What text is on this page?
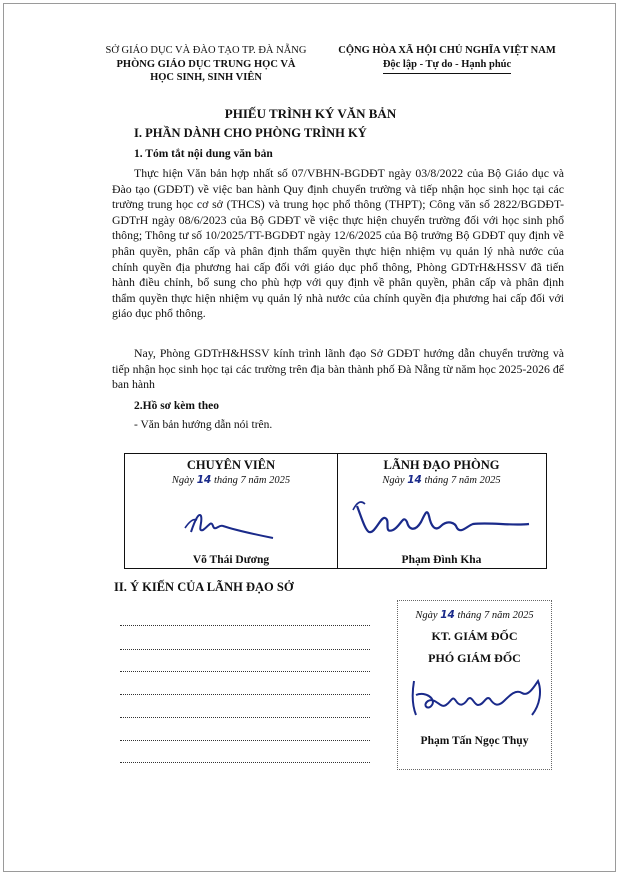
SỞ GIÁO DỤC VÀ ĐÀO TẠO TP. ĐÀ NẴNG
PHÒNG GIÁO DỤC TRUNG HỌC VÀ
HỌC SINH, SINH VIÊN
CỘNG HÒA XÃ HỘI CHỦ NGHĨA VIỆT NAM
Độc lập - Tự do - Hạnh phúc
PHIẾU TRÌNH KÝ VĂN BẢN
I. PHẦN DÀNH CHO PHÒNG TRÌNH KÝ
1. Tóm tắt nội dung văn bản
Thực hiện Văn bản hợp nhất số 07/VBHN-BGDĐT ngày 03/8/2022 của Bộ Giáo dục và Đào tạo (GDĐT) về việc ban hành Quy định chuyển trường và tiếp nhận học sinh học tại các trường trung học cơ sở (THCS) và trung học phổ thông (THPT); Công văn số 2822/BGDĐT-GDTrH ngày 08/6/2023 của Bộ GDĐT về việc thực hiện chuyển trường đối với học sinh phổ thông; Thông tư số 10/2025/TT-BGDĐT ngày 12/6/2025 của Bộ trưởng Bộ GDĐT quy định về phân quyền, phân cấp và phân định thẩm quyền thực hiện nhiệm vụ quản lý nhà nước của chính quyền địa phương hai cấp đối với giáo dục phổ thông, Phòng GDTrH&HSSV đã tiến hành điều chỉnh, bổ sung cho phù hợp với quy định về phân quyền, phân cấp và phân định thẩm quyền thực hiện nhiệm vụ quản lý nhà nước của chính quyền địa phương hai cấp đối với giáo dục phổ thông.
Nay, Phòng GDTrH&HSSV kính trình lãnh đạo Sở GDĐT hướng dẫn chuyển trường và tiếp nhận học sinh học tại các trường trên địa bàn thành phố Đà Nẵng từ năm học 2025-2026 để ban hành
2.Hồ sơ kèm theo
- Văn bản hướng dẫn nói trên.
CHUYÊN VIÊN
Ngày 14 tháng 7 năm 2025
Võ Thái Dương
LÃNH ĐẠO PHÒNG
Ngày 14 tháng 7 năm 2025
Phạm Đình Kha
II. Ý KIẾN CỦA LÃNH ĐẠO SỞ
Ngày 14 tháng 7 năm 2025
KT. GIÁM ĐỐC
PHÓ GIÁM ĐỐC
Phạm Tấn Ngọc Thụy
